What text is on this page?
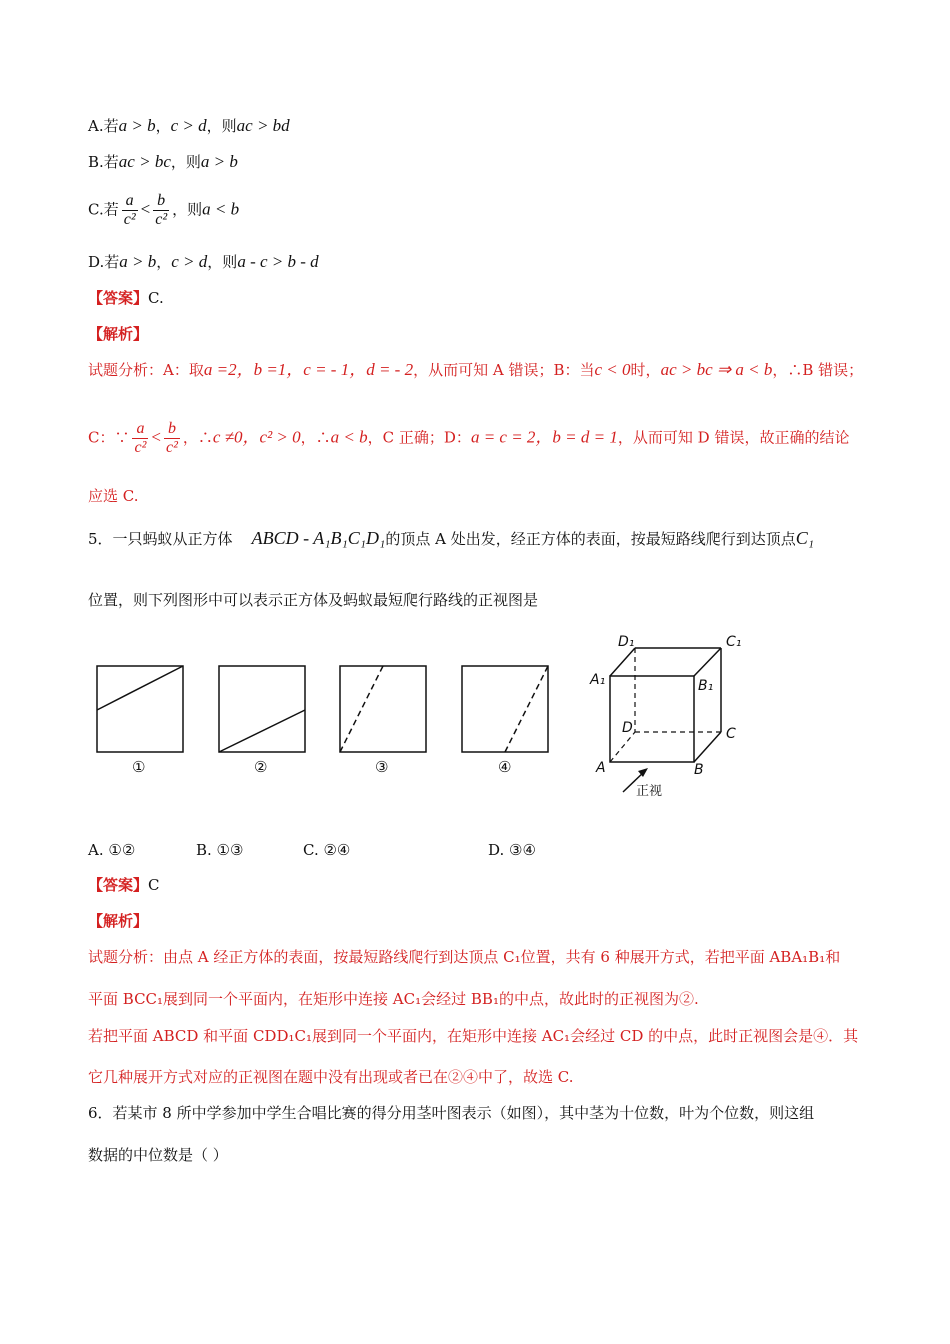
A.若a > b，c > d，则ac > bd
B.若ac > bc，则a > b
C.若 $\frac{a}{\text{c²}} < \frac{b}{\text{c²}}$ ，则a < b
D.若a > b，c > d，则a - c > b - d
【答案】C.
【解析】
试题分析：A：取a =2，b =1，c = - 1，d = - 2，从而可知 A 错误；B：当c < 0时，ac > bc ⇒ a < b，∴B 错误；
C：∵ $\frac{a}{\text{c²}} < \frac{b}{\text{c²}}$ ，∴c ≠0，c² > 0，∴a < b，C 正确；D：a = c = 2，b = d = 1，从而可知 D 错误，故正确的结论
应选 C.
5．一只蚂蚁从正方体 ABCD - A₁B₁C₁D₁的顶点 A 处出发，经正方体的表面，按最短路线爬行到达顶点C₁
位置，则下列图形中可以表示正方体及蚂蚁最短爬行路线的正视图是
①	②	③	④
D₁	C₁
A₁	B₁
D	C
A	B
正视
A. ①②	B. ①③	C. ②④	D. ③④
【答案】C
【解析】
试题分析：由点 A 经正方体的表面，按最短路线爬行到达顶点 C₁位置，共有 6 种展开方式，若把平面 ABA₁B₁和
平面 BCC₁展到同一个平面内，在矩形中连接 AC₁会经过 BB₁的中点，故此时的正视图为②.
若把平面 ABCD 和平面 CDD₁C₁展到同一个平面内，在矩形中连接 AC₁会经过 CD 的中点，此时正视图会是④．其
它几种展开方式对应的正视图在题中没有出现或者已在②④中了，故选 C.
6．若某市 8 所中学参加中学生合唱比赛的得分用茎叶图表示（如图），其中茎为十位数，叶为个位数，则这组
数据的中位数是（ ）
